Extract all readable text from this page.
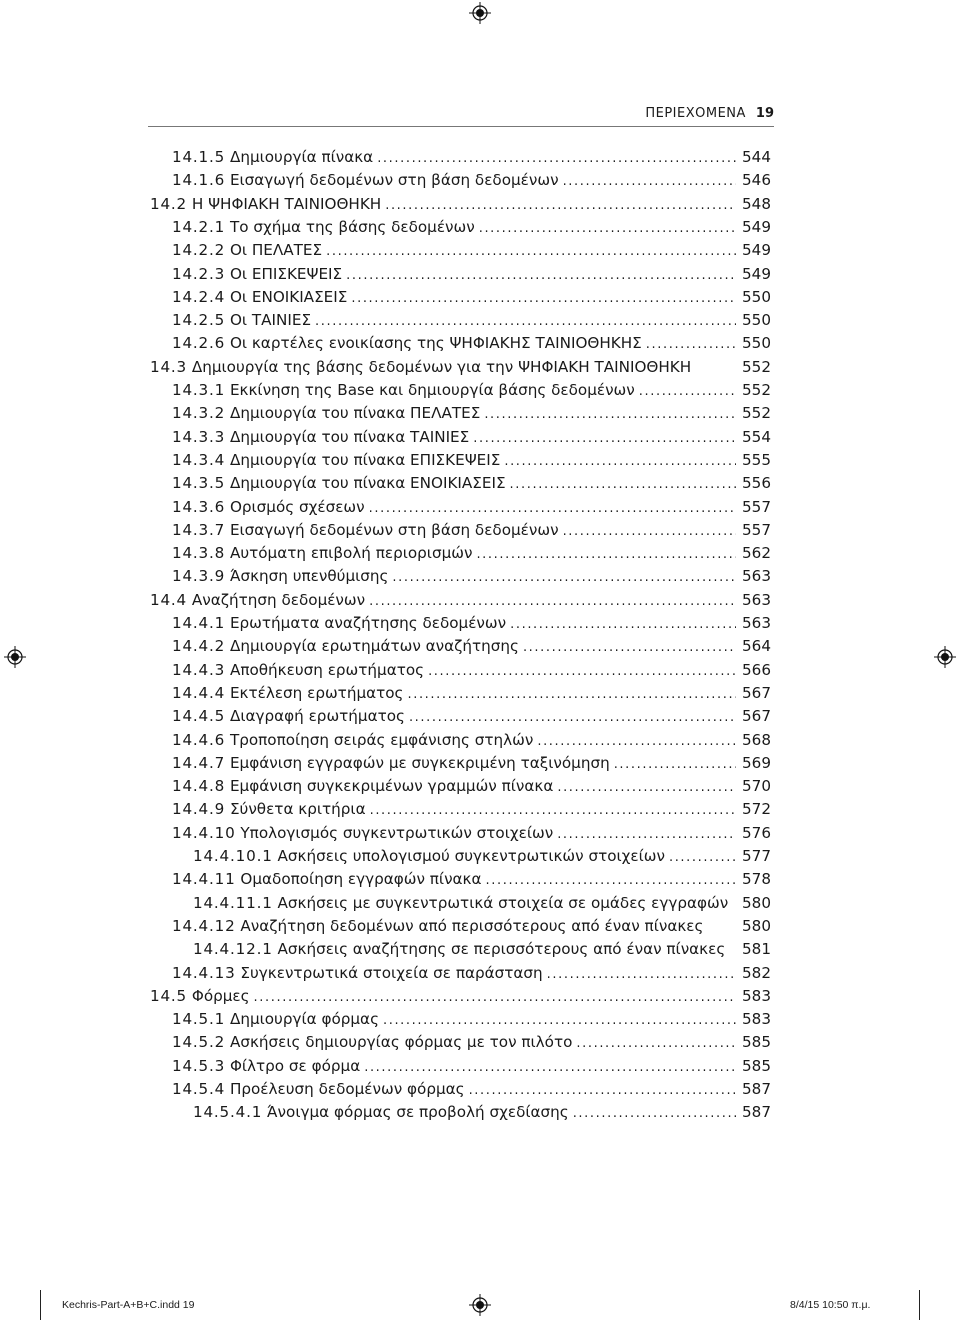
ΠΕΡΙΕΧΟΜΕΝΑ 19
14.1.5 Δημιουργία πίνακα .....	544
14.1.6 Εισαγωγή δεδομένων στη βάση δεδομένων .....	546
14.2 Η ΨΗΦΙΑΚΗ ΤΑΙΝΙΟΘΗΚΗ .....	548
14.2.1 Το σχήμα της βάσης δεδομένων .....	549
14.2.2 Οι ΠΕΛΑΤΕΣ .....	549
14.2.3 Οι ΕΠΙΣΚΕΨΕΙΣ .....	549
14.2.4 Οι ΕΝΟΙΚΙΑΣΕΙΣ .....	550
14.2.5 Οι ΤΑΙΝΙΕΣ .....	550
14.2.6 Οι καρτέλες ενοικίασης της ΨΗΦΙΑΚΗΣ ΤΑΙΝΙΟΘΗΚΗΣ .....	550
14.3 Δημιουργία της βάσης δεδομένων για την ΨΗΦΙΑΚΗ ΤΑΙΝΙΟΘΗΚΗ	552
14.3.1 Εκκίνηση της Base και δημιουργία βάσης δεδομένων .....	552
14.3.2 Δημιουργία του πίνακα ΠΕΛΑΤΕΣ .....	552
14.3.3 Δημιουργία του πίνακα ΤΑΙΝΙΕΣ .....	554
14.3.4 Δημιουργία του πίνακα ΕΠΙΣΚΕΨΕΙΣ .....	555
14.3.5 Δημιουργία του πίνακα ΕΝΟΙΚΙΑΣΕΙΣ .....	556
14.3.6 Ορισμός σχέσεων .....	557
14.3.7 Εισαγωγή δεδομένων στη βάση δεδομένων .....	557
14.3.8 Αυτόματη επιβολή περιορισμών .....	562
14.3.9 Άσκηση υπενθύμισης .....	563
14.4 Αναζήτηση δεδομένων .....	563
14.4.1 Ερωτήματα αναζήτησης δεδομένων .....	563
14.4.2 Δημιουργία ερωτημάτων αναζήτησης .....	564
14.4.3 Αποθήκευση ερωτήματος .....	566
14.4.4 Εκτέλεση ερωτήματος .....	567
14.4.5 Διαγραφή ερωτήματος .....	567
14.4.6 Τροποποίηση σειράς εμφάνισης στηλών .....	568
14.4.7 Εμφάνιση εγγραφών με συγκεκριμένη ταξινόμηση .....	569
14.4.8 Εμφάνιση συγκεκριμένων γραμμών πίνακα .....	570
14.4.9 Σύνθετα κριτήρια .....	572
14.4.10 Υπολογισμός συγκεντρωτικών στοιχείων .....	576
14.4.10.1 Ασκήσεις υπολογισμού συγκεντρωτικών στοιχείων .....	577
14.4.11 Ομαδοποίηση εγγραφών πίνακα .....	578
14.4.11.1 Ασκήσεις με συγκεντρωτικά στοιχεία σε ομάδες εγγραφών 580
14.4.12 Αναζήτηση δεδομένων από περισσότερους από έναν πίνακες	580
14.4.12.1 Ασκήσεις αναζήτησης σε περισσότερους από έναν πίνακες	581
14.4.13 Συγκεντρωτικά στοιχεία σε παράσταση .....	582
14.5 Φόρμες .....	583
14.5.1 Δημιουργία φόρμας .....	583
14.5.2 Ασκήσεις δημιουργίας φόρμας με τον πιλότο .....	585
14.5.3 Φίλτρο σε φόρμα .....	585
14.5.4 Προέλευση δεδομένων φόρμας .....	587
14.5.4.1 Άνοιγμα φόρμας σε προβολή σχεδίασης .....	587
Kechris-Part-A+B+C.indd 19	8/4/15 10:50 π.μ.
